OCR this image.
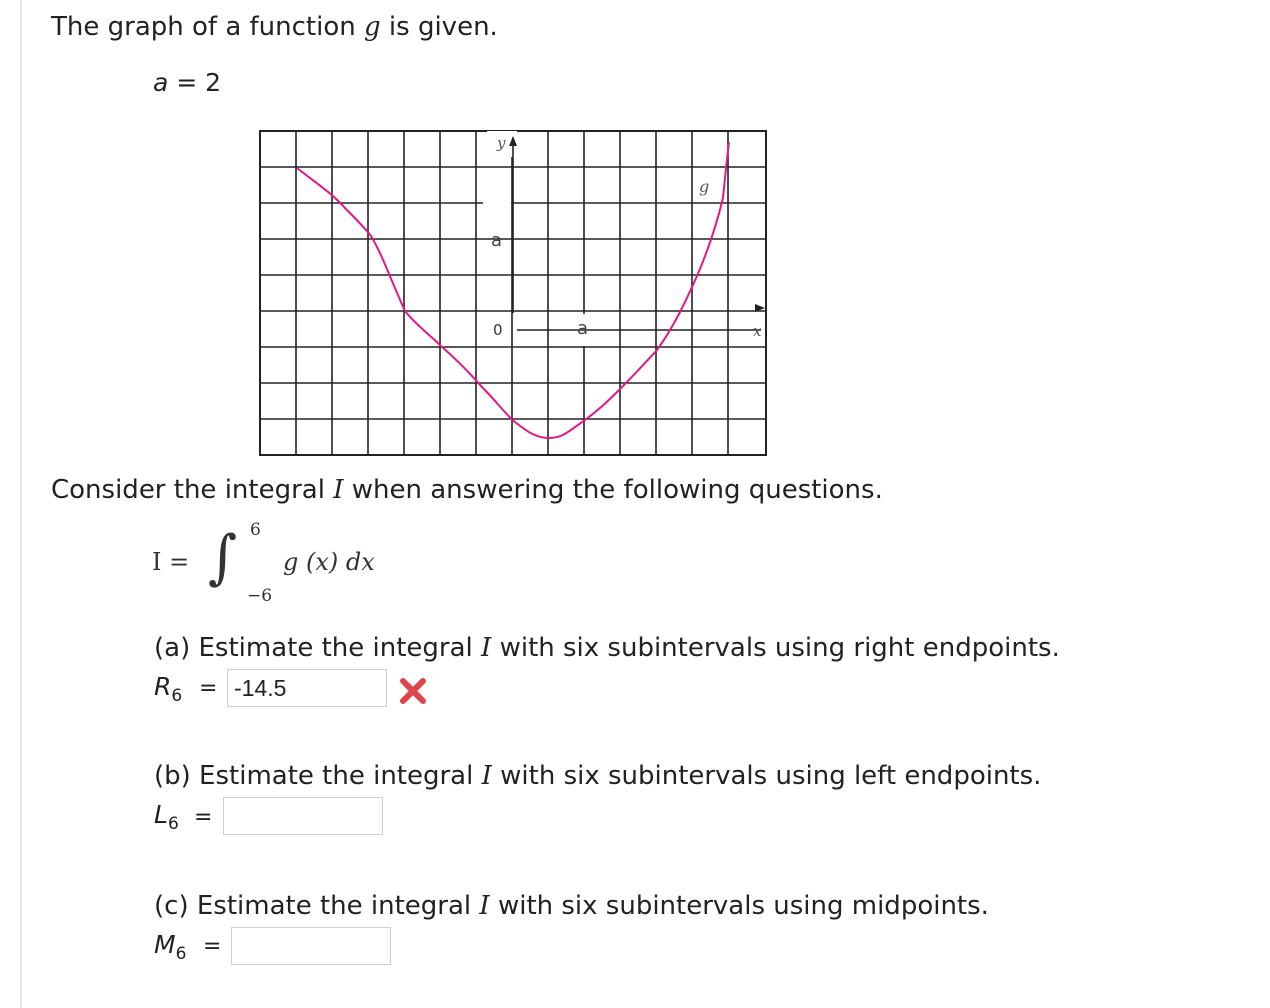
The graph of a function g is given.
a = 2
y
x
0	a
a
g
Consider the integral I when answering the following questions.
I = ∫ 6
−6
g (x) dx
(a) Estimate the integral I with six subintervals using right endpoints.
$R_6$ =
-14.5
(b) Estimate the integral I with six subintervals using left endpoints.
$L_6$ =
(c) Estimate the integral I with six subintervals using midpoints.
$M_6$ =
